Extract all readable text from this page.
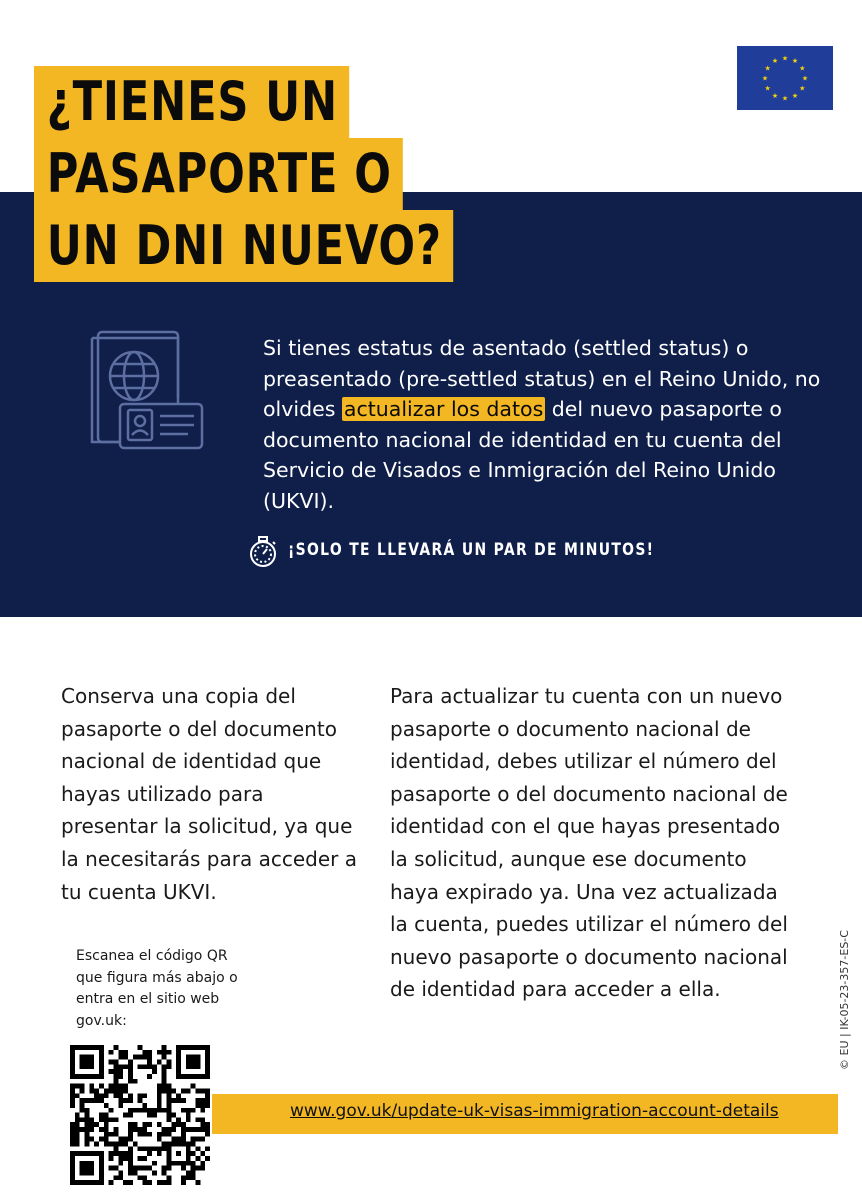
★ ★
★
★
★
★
★
★
★
★
★
★
¿TIENES UN
PASAPORTE O
UN DNI NUEVO?
Si tienes estatus de asentado (settled status) o preasentado (pre-settled status) en el Reino Unido, no olvides actualizar los datos del nuevo pasaporte o documento nacional de identidad en tu cuenta del Servicio de Visados e Inmigración del Reino Unido (UKVI).
¡SOLO TE LLEVARÁ UN PAR DE MINUTOS!
Conserva una copia del pasaporte o del documento nacional de identidad que hayas utilizado para presentar la solicitud, ya que la necesitarás para acceder a tu cuenta UKVI.
Para actualizar tu cuenta con un nuevo pasaporte o documento nacional de identidad, debes utilizar el número del pasaporte o del documento nacional de identidad con el que hayas presentado la solicitud, aunque ese documento haya expirado ya. Una vez actualizada la cuenta, puedes utilizar el número del nuevo pasaporte o documento nacional de identidad para acceder a ella.
Escanea el código QR que figura más abajo o entra en el sitio web gov.uk:
www.gov.uk/update-uk-visas-immigration-account-details
© EU | IK-05-23-357-ES-C
